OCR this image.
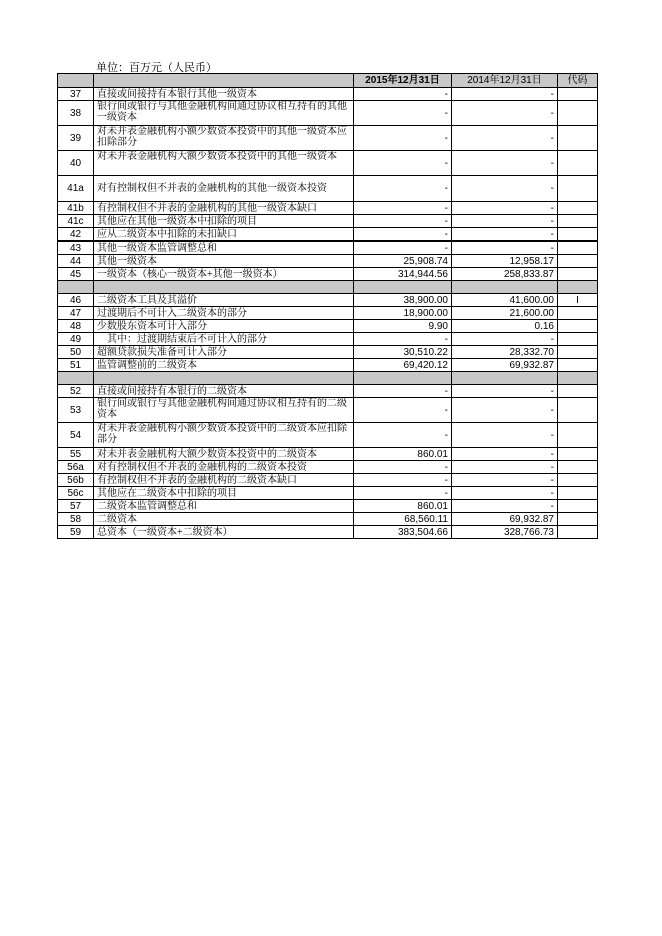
单位：百万元（人民币）
		2015年12月31日	2014年12月31日	代码
37	直接或间接持有本银行其他一级资本	-	-	
38	银行间或银行与其他金融机构间通过协议相互持有的其他一级资本	-	-	
39	对未并表金融机构小额少数资本投资中的其他一级资本应扣除部分	-	-	
40	对未并表金融机构大额少数资本投资中的其他一级资本	-	-	
41a	对有控制权但不并表的金融机构的其他一级资本投资	-	-	
41b	有控制权但不并表的金融机构的其他一级资本缺口	-	-	
41c	其他应在其他一级资本中扣除的项目	-	-	
42	应从二级资本中扣除的未扣缺口	-	-	
43	其他一级资本监管调整总和	-	-	
44	其他一级资本	25,908.74	12,958.17	
45	一级资本（核心一级资本+其他一级资本）	314,944.56	258,833.87	

46	二级资本工具及其溢价	38,900.00	41,600.00	I
47	过渡期后不可计入二级资本的部分	18,900.00	21,600.00	
48	少数股东资本可计入部分	9.90	0.16	
49	　其中：过渡期结束后不可计入的部分	-	-	
50	超额贷款损失准备可计入部分	30,510.22	28,332.70	
51	监管调整前的二级资本	69,420.12	69,932.87	

52	直接或间接持有本银行的二级资本	-	-	
53	银行间或银行与其他金融机构间通过协议相互持有的二级资本	-	-	
54	对未并表金融机构小额少数资本投资中的二级资本应扣除部分	-	-	
55	对未并表金融机构大额少数资本投资中的二级资本	860.01	-	
56a	对有控制权但不并表的金融机构的二级资本投资	-	-	
56b	有控制权但不并表的金融机构的二级资本缺口	-	-	
56c	其他应在二级资本中扣除的项目	-	-	
57	二级资本监管调整总和	860.01	-	
58	二级资本	68,560.11	69,932.87	
59	总资本（一级资本+二级资本）	383,504.66	328,766.73	
